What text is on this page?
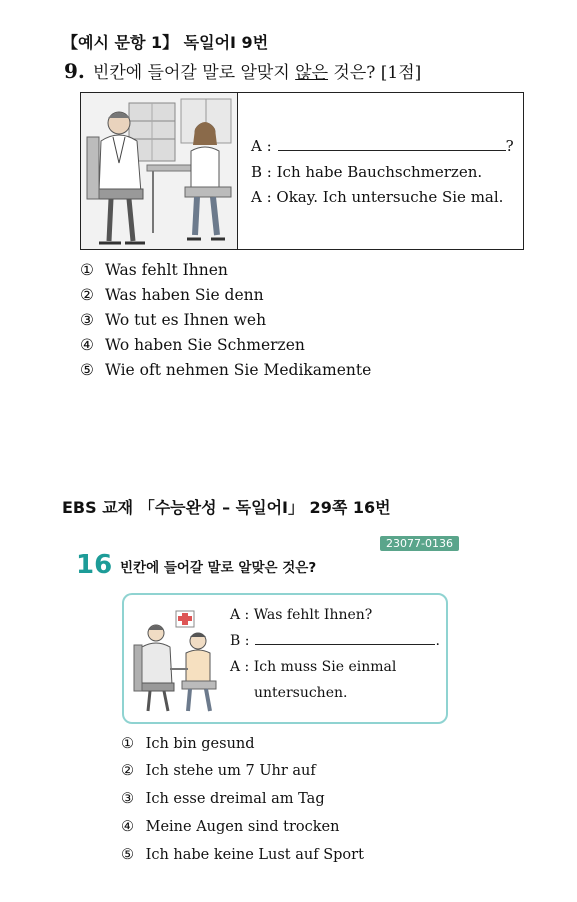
【예시 문항 1】 독일어Ⅰ 9번
9. 빈칸에 들어갈 말로 알맞지 않은 것은? [1점]
A :	?
B : Ich habe Bauchschmerzen.
A : Okay. Ich untersuche Sie mal.
① Was fehlt Ihnen
② Was haben Sie denn
③ Wo tut es Ihnen weh
④ Wo haben Sie Schmerzen
⑤ Wie oft nehmen Sie Medikamente
EBS 교재 「수능완성 – 독일어Ⅰ」 29쪽 16번
23077-0136
16 빈칸에 들어갈 말로 알맞은 것은?
A : Was fehlt Ihnen?
B :	.
A : Ich muss Sie einmal
untersuchen.
① Ich bin gesund
② Ich stehe um 7 Uhr auf
③ Ich esse dreimal am Tag
④ Meine Augen sind trocken
⑤ Ich habe keine Lust auf Sport
